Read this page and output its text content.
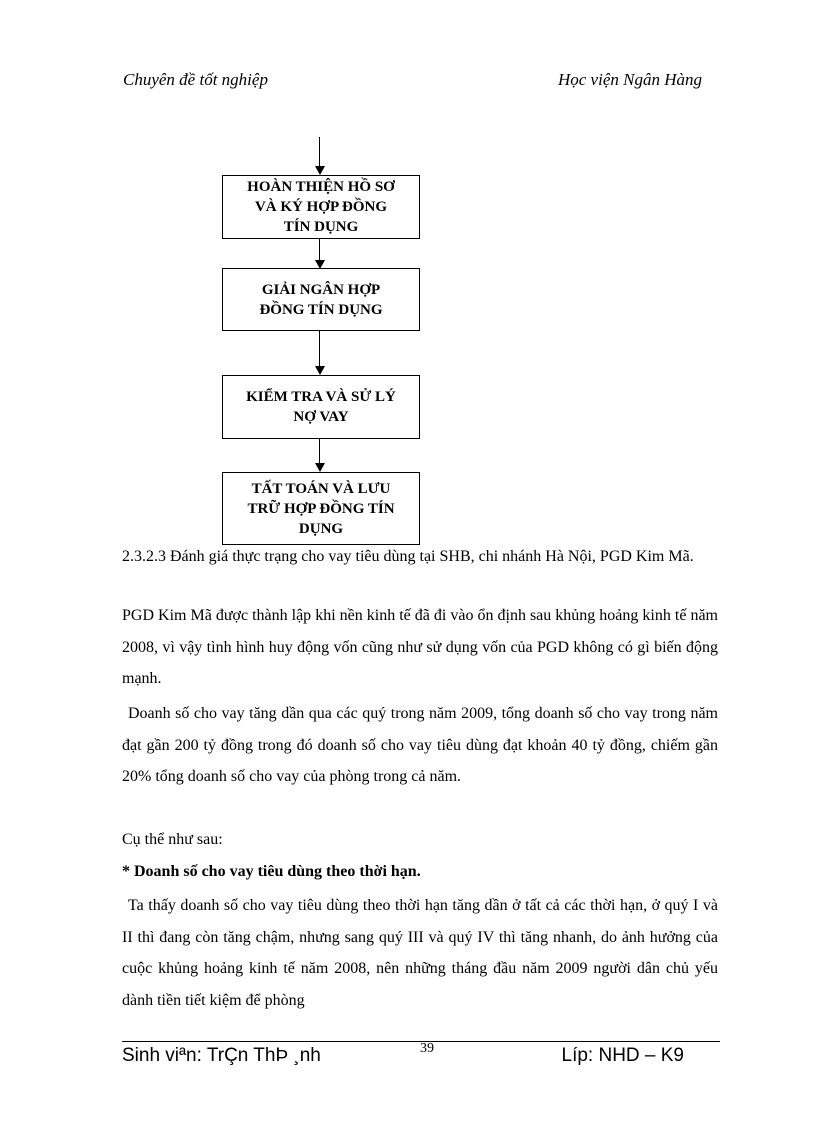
Chuyên đề tốt nghiệp	Học viện Ngân Hàng
HOÀN THIỆN HỒ SƠ
VÀ KÝ HỢP ĐỒNG
TÍN DỤNG
GIẢI NGÂN HỢP
ĐỒNG TÍN DỤNG
KIỂM TRA VÀ SỬ LÝ
NỢ VAY
TẤT TOÁN VÀ LƯU
TRỮ HỢP ĐỒNG TÍN
DỤNG

2.3.2.3 Đánh giá thực trạng cho vay tiêu dùng tại SHB, chi nhánh Hà Nội, PGD Kim Mã.

PGD Kim Mã được thành lập khi nền kinh tế đã đi vào ổn định sau khủng hoảng kinh tế năm 2008, vì vậy tình hình huy động vốn cũng như sử dụng vốn của PGD không có gì biến động mạnh.

Doanh số cho vay tăng dần qua các quý trong năm 2009, tổng doanh số cho vay trong năm đạt gần 200 tỷ đồng trong đó doanh số cho vay tiêu dùng đạt khoản 40 tỷ đồng, chiếm gần 20% tổng doanh số cho vay của phòng trong cả năm.

Cụ thể như sau:

* Doanh số cho vay tiêu dùng theo thời hạn.

Ta thấy doanh số cho vay tiêu dùng theo thời hạn tăng dần ở tất cả các thời hạn, ở quý I và II thì đang còn tăng chậm, nhưng sang quý III và quý IV thì tăng nhanh, do ảnh hưởng của cuộc khủng hoảng kinh tế năm 2008, nên những tháng đầu năm 2009 người dân chủ yếu dành tiền tiết kiệm để phòng

Sinh viªn: TrÇn ThÞ ¸nh	39	Líp: NHD – K9
